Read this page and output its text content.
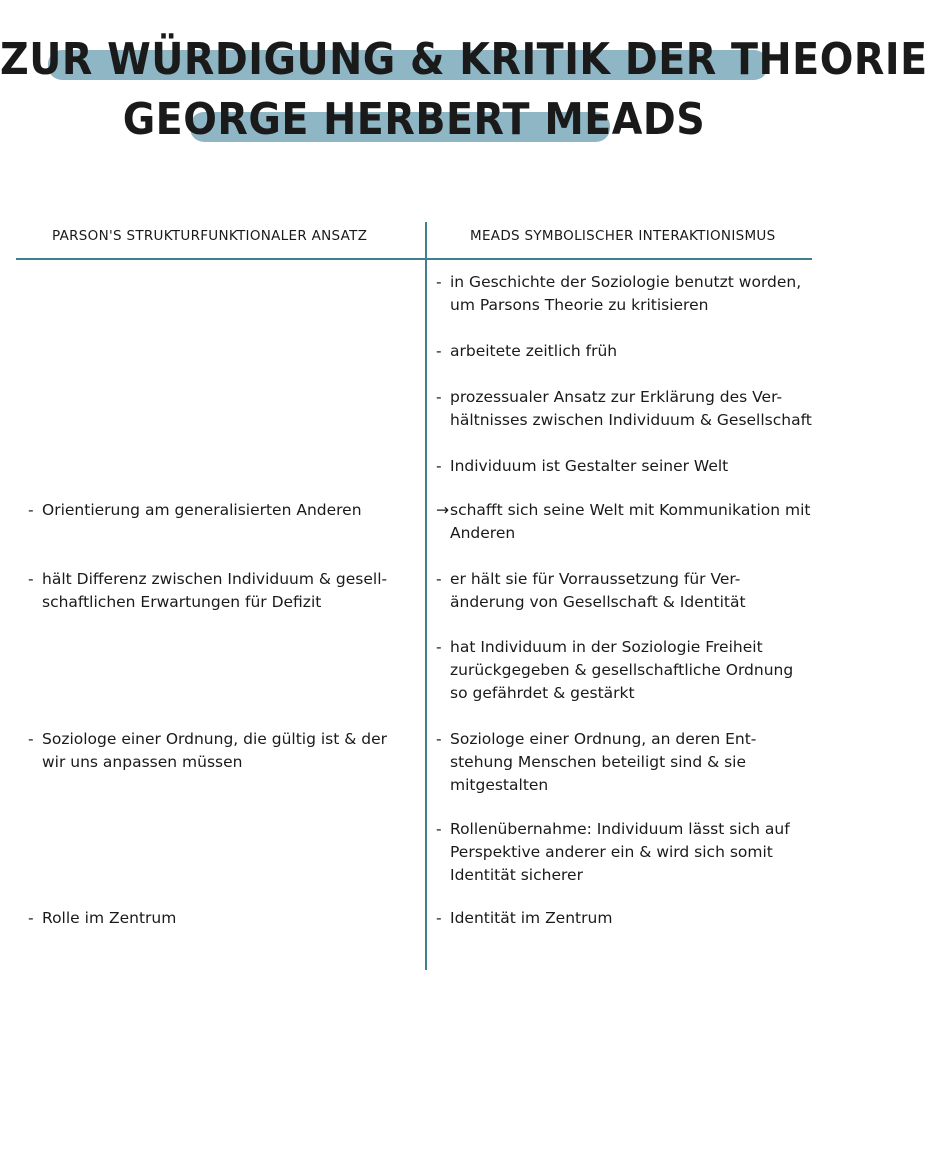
ZUR WÜRDIGUNG & KRITIK DER THEORIE
GEORGE HERBERT MEADS
PARSON'S STRUKTURFUNKTIONALER ANSATZ	MEADS SYMBOLISCHER INTERAKTIONISMUS
- Orientierung am generalisierten Anderen
- hält Differenz zwischen Individuum & gesell-
schaftlichen Erwartungen für Defizit
- Soziologe einer Ordnung, die gültig ist & der
wir uns anpassen müssen
- Rolle im Zentrum
- in Geschichte der Soziologie benutzt worden,
um Parsons Theorie zu kritisieren
- arbeitete zeitlich früh
- prozessualer Ansatz zur Erklärung des Ver-
hältnisses zwischen Individuum & Gesellschaft
- Individuum ist Gestalter seiner Welt
→ schafft sich seine Welt mit Kommunikation mit
Anderen
- er hält sie für Vorraussetzung für Ver-
änderung von Gesellschaft & Identität
- hat Individuum in der Soziologie Freiheit
zurückgegeben & gesellschaftliche Ordnung
so gefährdet & gestärkt
- Soziologe einer Ordnung, an deren Ent-
stehung Menschen beteiligt sind & sie
mitgestalten
- Rollenübernahme: Individuum lässt sich auf
Perspektive anderer ein & wird sich somit
Identität sicherer
- Identität im Zentrum
